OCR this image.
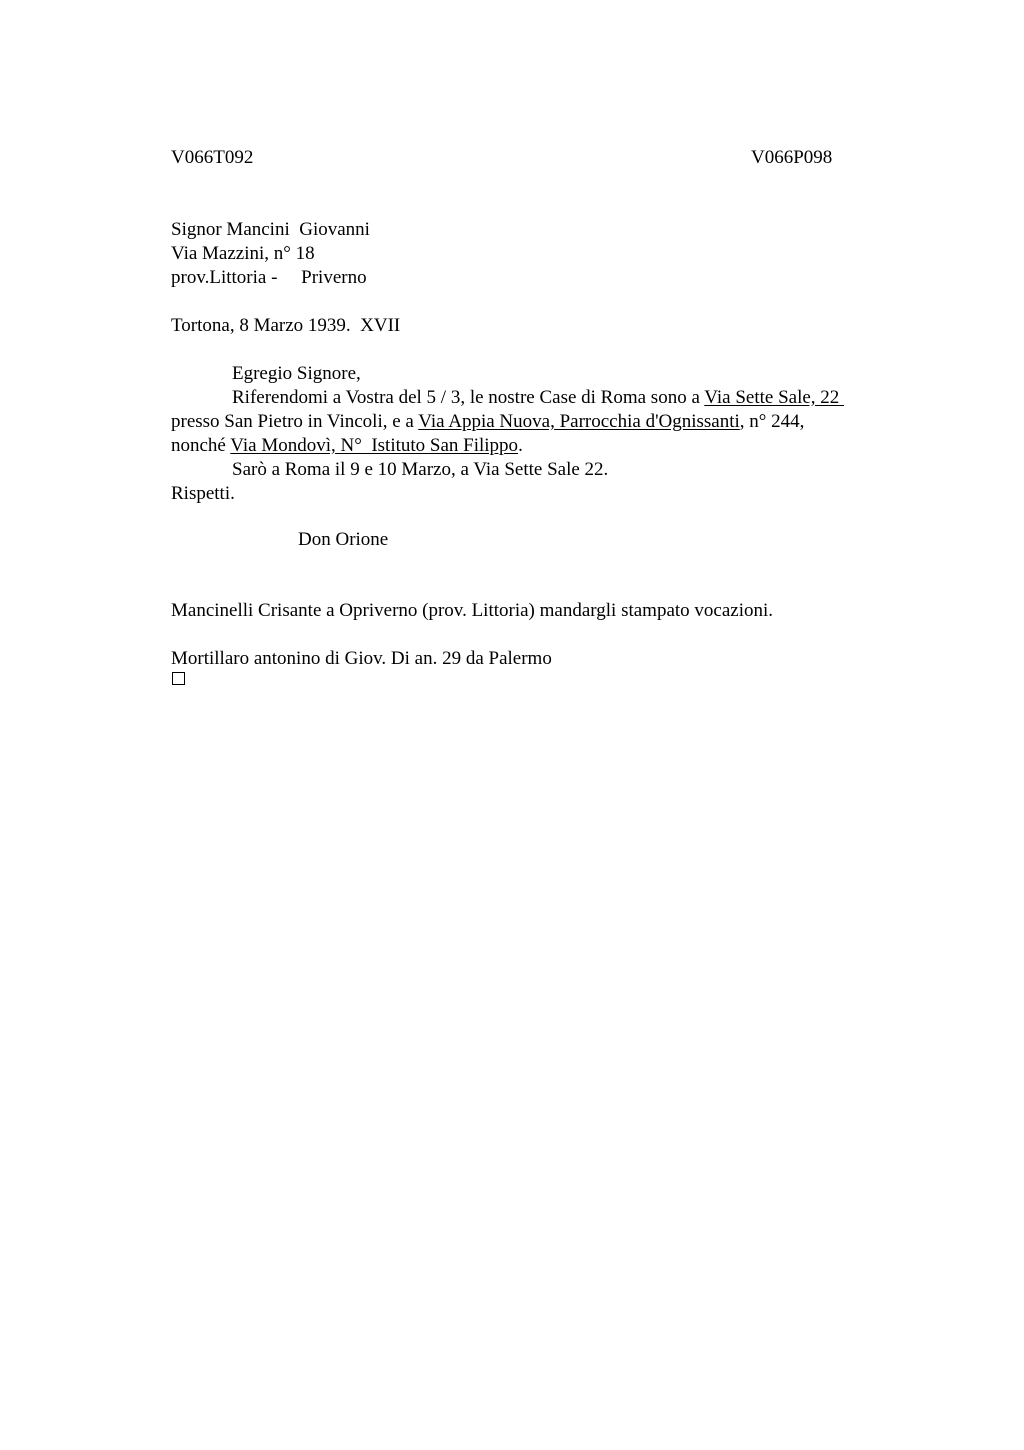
V066T092	V066P098
Signor Mancini  Giovanni
Via Mazzini, n° 18
prov.Littoria -     Priverno
Tortona, 8 Marzo 1939.  XVII
Egregio Signore,
Riferendomi a Vostra del 5 / 3, le nostre Case di Roma sono a Via Sette Sale, 22
presso San Pietro in Vincoli, e a Via Appia Nuova, Parrocchia d'Ognissanti, n° 244,
nonché Via Mondovì, N°  Istituto San Filippo.
Sarò a Roma il 9 e 10 Marzo, a Via Sette Sale 22.
Rispetti.
Don Orione
Mancinelli Crisante a Opriverno (prov. Littoria) mandargli stampato vocazioni.
Mortillaro antonino di Giov. Di an. 29 da Palermo
